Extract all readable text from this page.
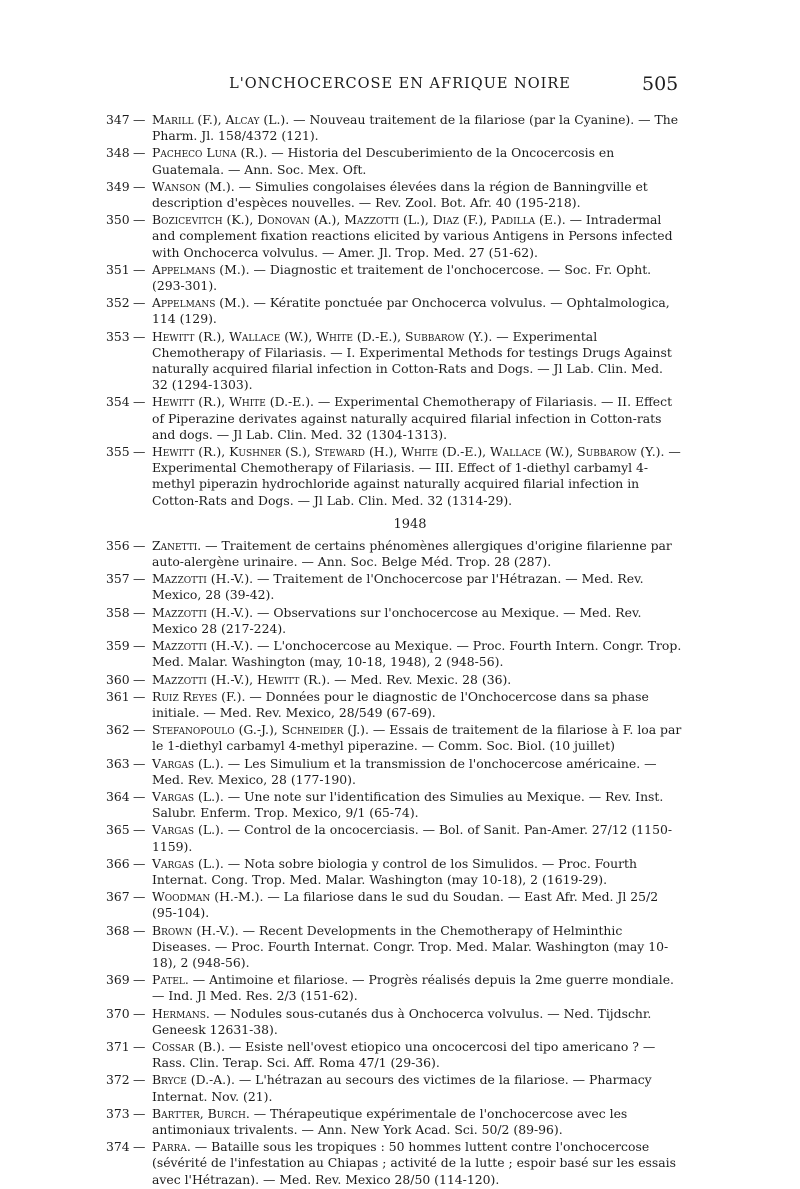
L'ONCHOCERCOSE EN AFRIQUE NOIRE	505
347 — Marill (F.), Alcay (L.). — Nouveau traitement de la filariose (par la Cyanine). — The Pharm. Jl. 158/4372 (121).
348 — Pacheco Luna (R.). — Historia del Descuberimiento de la Oncocercosis en Guatemala. — Ann. Soc. Mex. Oft.
349 — Wanson (M.). — Simulies congolaises élevées dans la région de Banningville et description d'espèces nouvelles. — Rev. Zool. Bot. Afr. 40 (195-218).
350 — Bozicevitch (K.), Donovan (A.), Mazzotti (L.), Diaz (F.), Padilla (E.). — Intradermal and complement fixation reactions elicited by various Antigens in Persons infected with Onchocerca volvulus. — Amer. Jl. Trop. Med. 27 (51-62).
351 — Appelmans (M.). — Diagnostic et traitement de l'onchocercose. — Soc. Fr. Opht. (293-301).
352 — Appelmans (M.). — Kératite ponctuée par Onchocerca volvulus. — Ophtalmologica, 114 (129).
353 — Hewitt (R.), Wallace (W.), White (D.-E.), Subbarow (Y.). — Experimental Chemotherapy of Filariasis. — I. Experimental Methods for testings Drugs Against naturally acquired filarial infection in Cotton-Rats and Dogs. — Jl Lab. Clin. Med. 32 (1294-1303).
354 — Hewitt (R.), White (D.-E.). — Experimental Chemotherapy of Filariasis. — II. Effect of Piperazine derivates against naturally acquired filarial infection in Cotton-rats and dogs. — Jl Lab. Clin. Med. 32 (1304-1313).
355 — Hewitt (R.), Kushner (S.), Steward (H.), White (D.-E.), Wallace (W.), Subbarow (Y.). — Experimental Chemotherapy of Filariasis. — III. Effect of 1-diethyl carbamyl 4-methyl piperazin hydrochloride against naturally acquired filarial infection in Cotton-Rats and Dogs. — Jl Lab. Clin. Med. 32 (1314-29).
1948
356 — Zanetti. — Traitement de certains phénomènes allergiques d'origine filarienne par auto-alergène urinaire. — Ann. Soc. Belge Méd. Trop. 28 (287).
357 — Mazzotti (H.-V.). — Traitement de l'Onchocercose par l'Hétrazan. — Med. Rev. Mexico, 28 (39-42).
358 — Mazzotti (H.-V.). — Observations sur l'onchocercose au Mexique. — Med. Rev. Mexico 28 (217-224).
359 — Mazzotti (H.-V.). — L'onchocercose au Mexique. — Proc. Fourth Intern. Congr. Trop. Med. Malar. Washington (may, 10-18, 1948), 2 (948-56).
360 — Mazzotti (H.-V.), Hewitt (R.). — Med. Rev. Mexic. 28 (36).
361 — Ruiz Reyes (F.). — Données pour le diagnostic de l'Onchocercose dans sa phase initiale. — Med. Rev. Mexico, 28/549 (67-69).
362 — Stefanopoulo (G.-J.), Schneider (J.). — Essais de traitement de la filariose à F. loa par le 1-diethyl carbamyl 4-methyl piperazine. — Comm. Soc. Biol. (10 juillet)
363 — Vargas (L.). — Les Simulium et la transmission de l'onchocercose américaine. — Med. Rev. Mexico, 28 (177-190).
364 — Vargas (L.). — Une note sur l'identification des Simulies au Mexique. — Rev. Inst. Salubr. Enferm. Trop. Mexico, 9/1 (65-74).
365 — Vargas (L.). — Control de la oncocerciasis. — Bol. of Sanit. Pan-Amer. 27/12 (1150-1159).
366 — Vargas (L.). — Nota sobre biologia y control de los Simulidos. — Proc. Fourth Internat. Cong. Trop. Med. Malar. Washington (may 10-18), 2 (1619-29).
367 — Woodman (H.-M.). — La filariose dans le sud du Soudan. — East Afr. Med. Jl 25/2 (95-104).
368 — Brown (H.-V.). — Recent Developments in the Chemotherapy of Helminthic Diseases. — Proc. Fourth Internat. Congr. Trop. Med. Malar. Washington (may 10-18), 2 (948-56).
369 — Patel. — Antimoine et filariose. — Progrès réalisés depuis la 2me guerre mondiale. — Ind. Jl Med. Res. 2/3 (151-62).
370 — Hermans. — Nodules sous-cutanés dus à Onchocerca volvulus. — Ned. Tijdschr. Geneesk 12631-38).
371 — Cossar (B.). — Esiste nell'ovest etiopico una oncocercosi del tipo americano ? — Rass. Clin. Terap. Sci. Aff. Roma 47/1 (29-36).
372 — Bryce (D.-A.). — L'hétrazan au secours des victimes de la filariose. — Pharmacy Internat. Nov. (21).
373 — Bartter, Burch. — Thérapeutique expérimentale de l'onchocercose avec les antimoniaux trivalents. — Ann. New York Acad. Sci. 50/2 (89-96).
374 — Parra. — Bataille sous les tropiques : 50 hommes luttent contre l'onchocercose (sévérité de l'infestation au Chiapas ; activité de la lutte ; espoir basé sur les essais avec l'Hétrazan). — Med. Rev. Mexico 28/50 (114-120).
